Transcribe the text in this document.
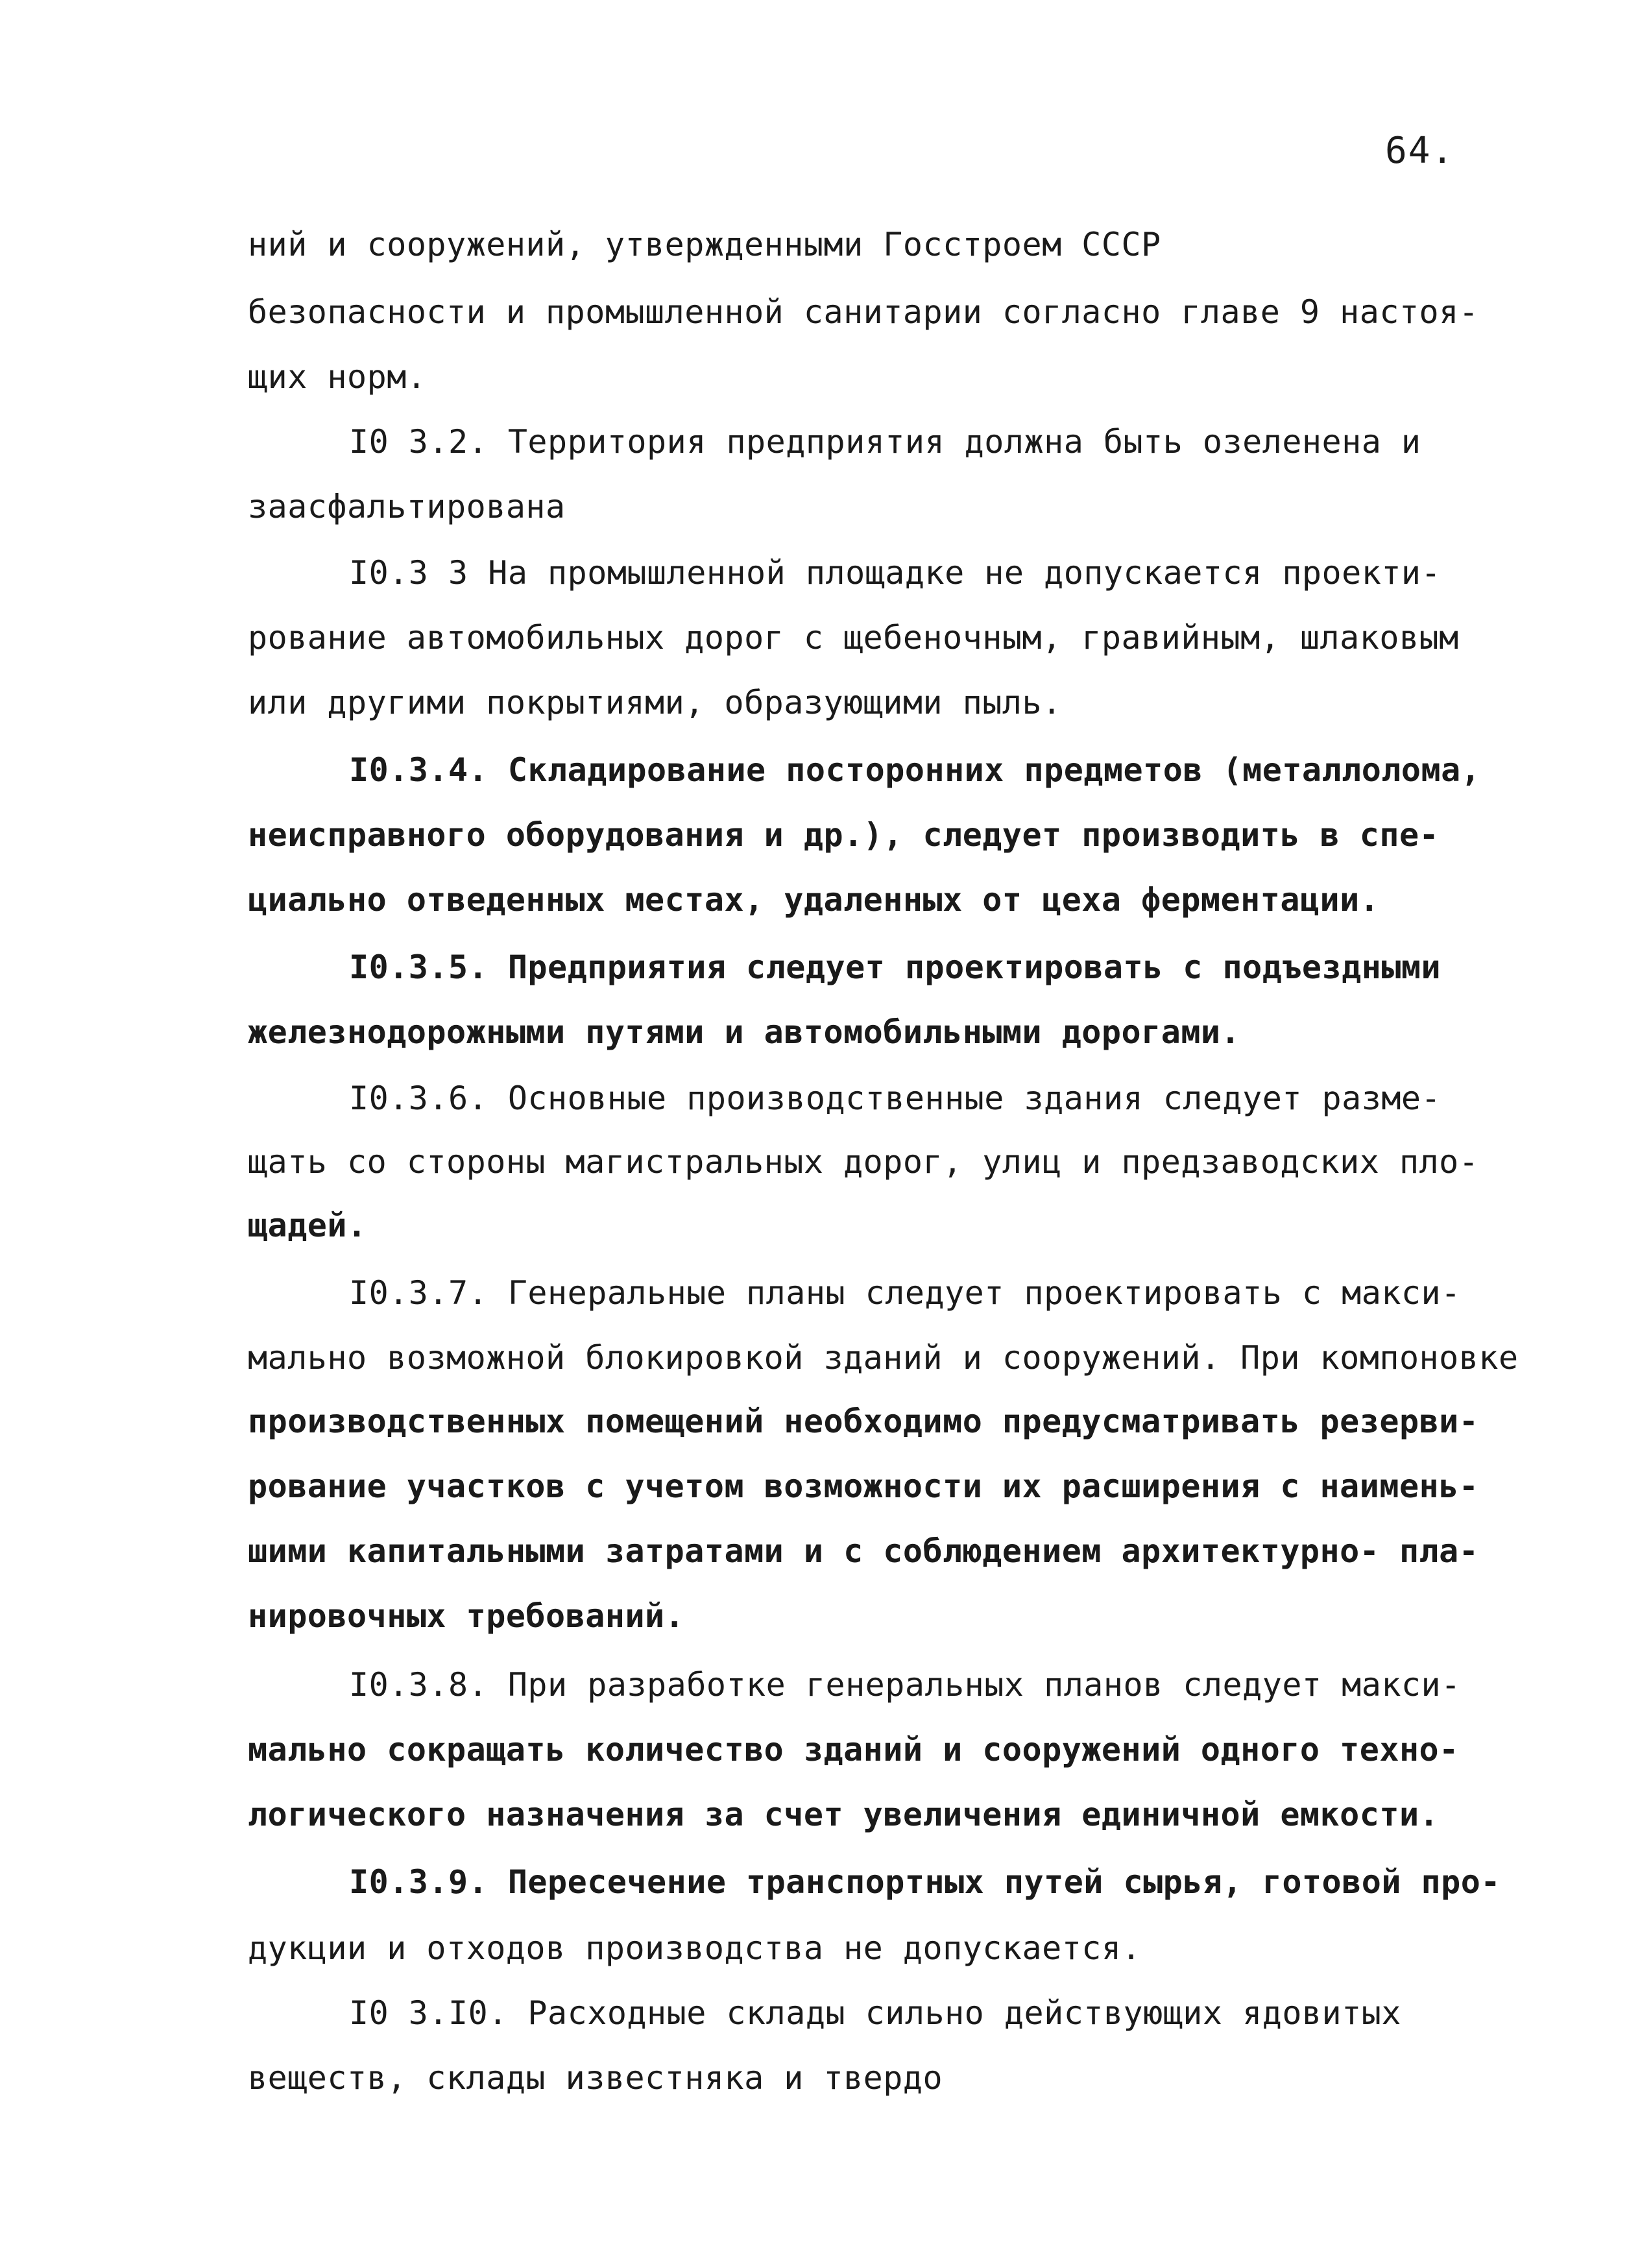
64.
ний и сооружений, утвержденными Госстроем СССР
безопасности и промышленной санитарии согласно главе 9 настоя-
щих норм.
I0 3.2. Территория предприятия должна быть озеленена и
заасфальтирована
I0.3 3 На промышленной площадке не допускается проекти-
рование автомобильных дорог с щебеночным, гравийным, шлаковым
или другими покрытиями, образующими пыль.
I0.3.4. Складирование посторонних предметов (металлолома,
неисправного оборудования и др.), следует производить в спе-
циально отведенных местах, удаленных от цеха ферментации.
I0.3.5. Предприятия следует проектировать с подъездными
железнодорожными путями и автомобильными дорогами.
I0.3.6. Основные производственные здания следует разме-
щать со стороны магистральных дорог, улиц и предзаводских пло-
щадей.
I0.3.7. Генеральные планы следует проектировать с макси-
мально возможной блокировкой зданий и сооружений. При компоновке
производственных помещений необходимо предусматривать резерви-
рование участков с учетом возможности их расширения с наимень-
шими капитальными затратами и с соблюдением архитектурно- пла-
нировочных требований.
I0.3.8. При разработке генеральных планов следует макси-
мально сокращать количество зданий и сооружений одного техно-
логического назначения за счет увеличения единичной емкости.
I0.3.9. Пересечение транспортных путей сырья, готовой про-
дукции и отходов производства не допускается.
I0 3.I0. Расходные склады сильно действующих ядовитых
веществ, склады известняка и твердо
